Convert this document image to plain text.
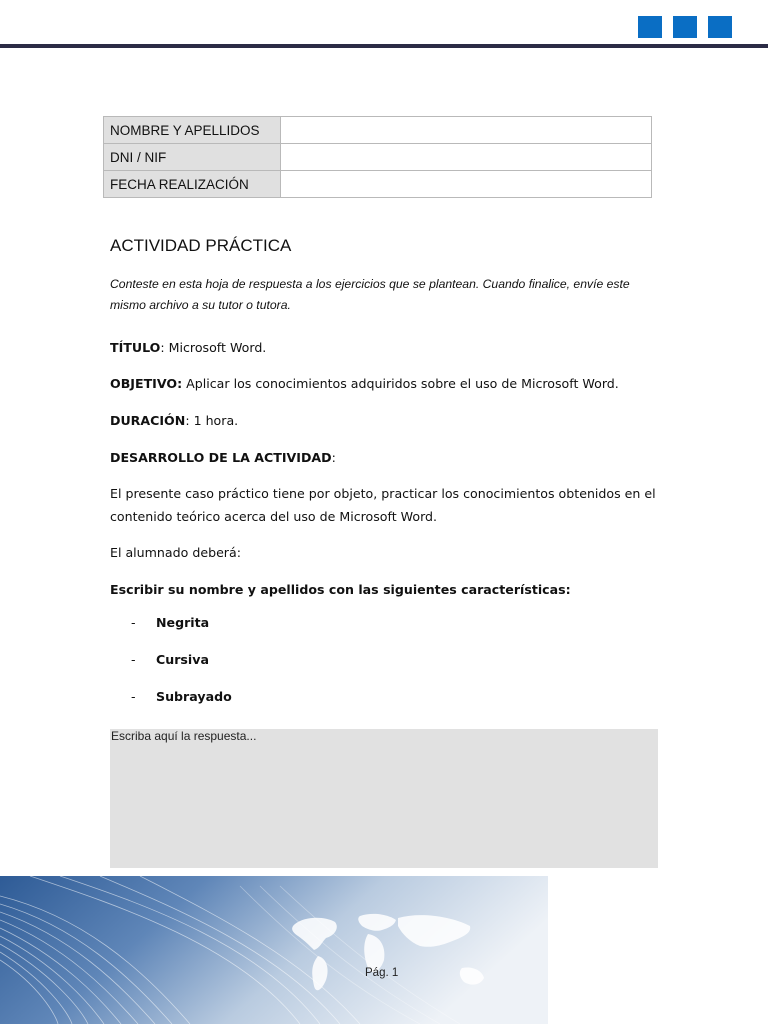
NOMBRE Y APELLIDOS	
DNI / NIF	
FECHA REALIZACIÓN	
ACTIVIDAD PRÁCTICA

Conteste en esta hoja de respuesta a los ejercicios que se plantean. Cuando finalice, envíe este mismo archivo a su tutor o tutora.

TÍTULO: Microsoft Word.

OBJETIVO: Aplicar los conocimientos adquiridos sobre el uso de Microsoft Word.

DURACIÓN: 1 hora.

DESARROLLO DE LA ACTIVIDAD:

El presente caso práctico tiene por objeto, practicar los conocimientos obtenidos en el contenido teórico acerca del uso de Microsoft Word.

El alumnado deberá:

Escribir su nombre y apellidos con las siguientes características:

- Negrita

- Cursiva

- Subrayado

Escriba aquí la respuesta...
Pág. 1
